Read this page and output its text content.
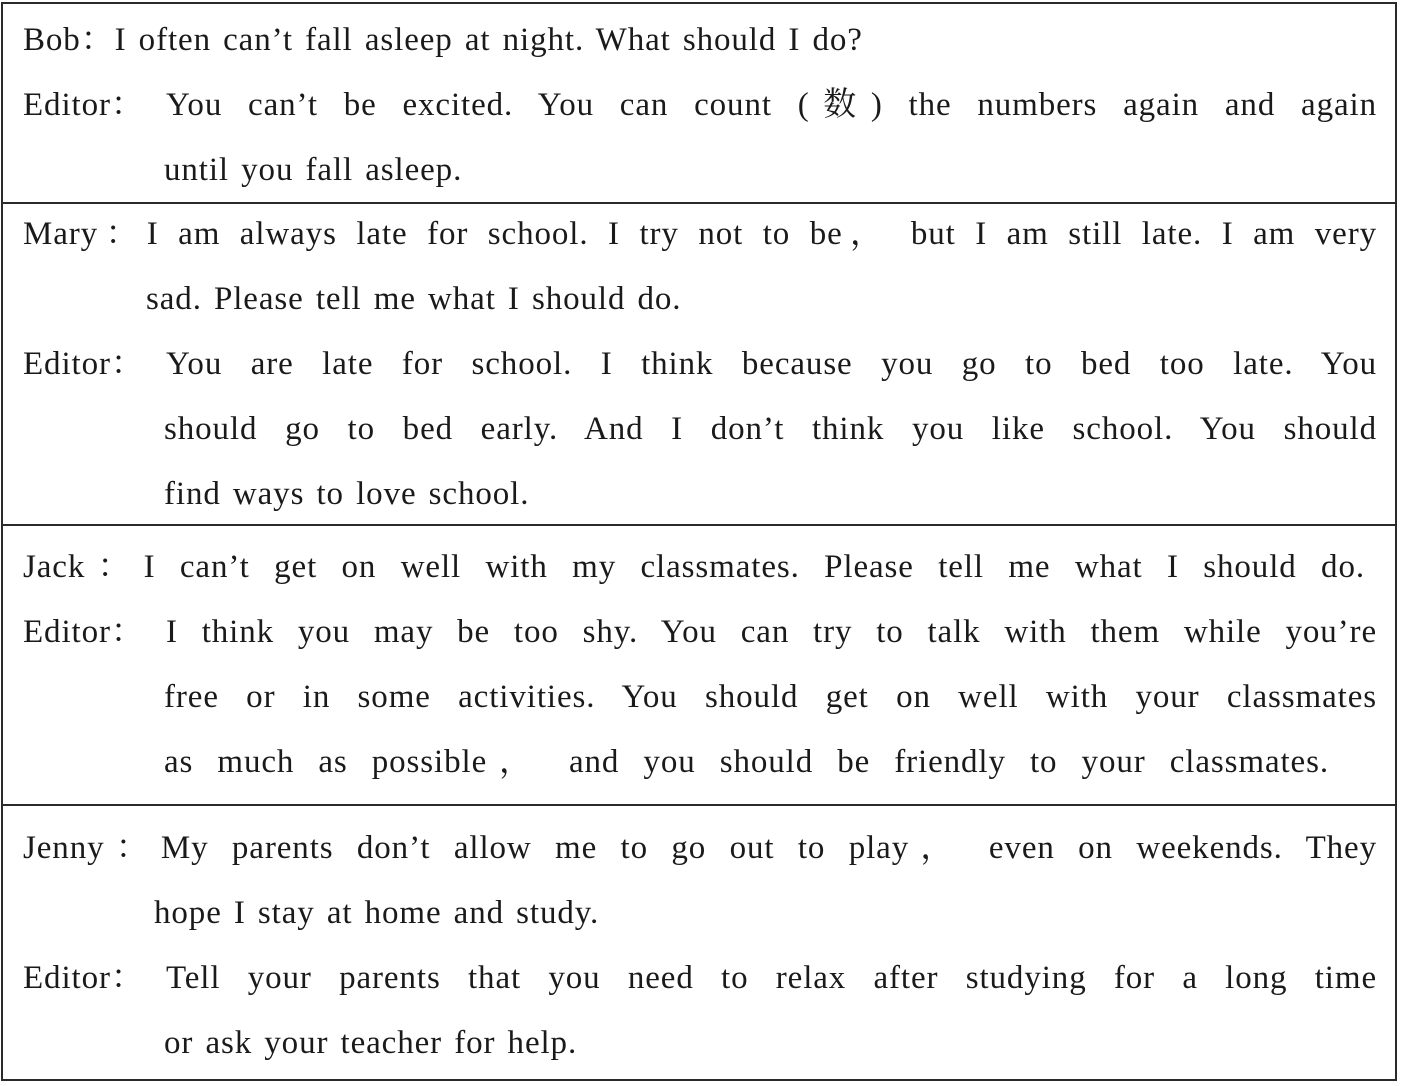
Bob：I often can’t fall asleep at night. What should I do?
Editor： You can’t be excited. You can count (数) the numbers again and again
until you fall asleep.
Mary：I am always late for school. I try not to be， but I am still late. I am very
sad. Please tell me what I should do.
Editor： You are late for school. I think because you go to bed too late. You
should go to bed early. And I don’t think you like school. You should
find ways to love school.
Jack：I can’t get on well with my classmates. Please tell me what I should do.
Editor： I think you may be too shy. You can try to talk with them while you’re
free or in some activities. You should get on well with your classmates
as much as possible， and you should be friendly to your classmates.
Jenny：My parents don’t allow me to go out to play， even on weekends. They
hope I stay at home and study.
Editor： Tell your parents that you need to relax after studying for a long time
or ask your teacher for help.
